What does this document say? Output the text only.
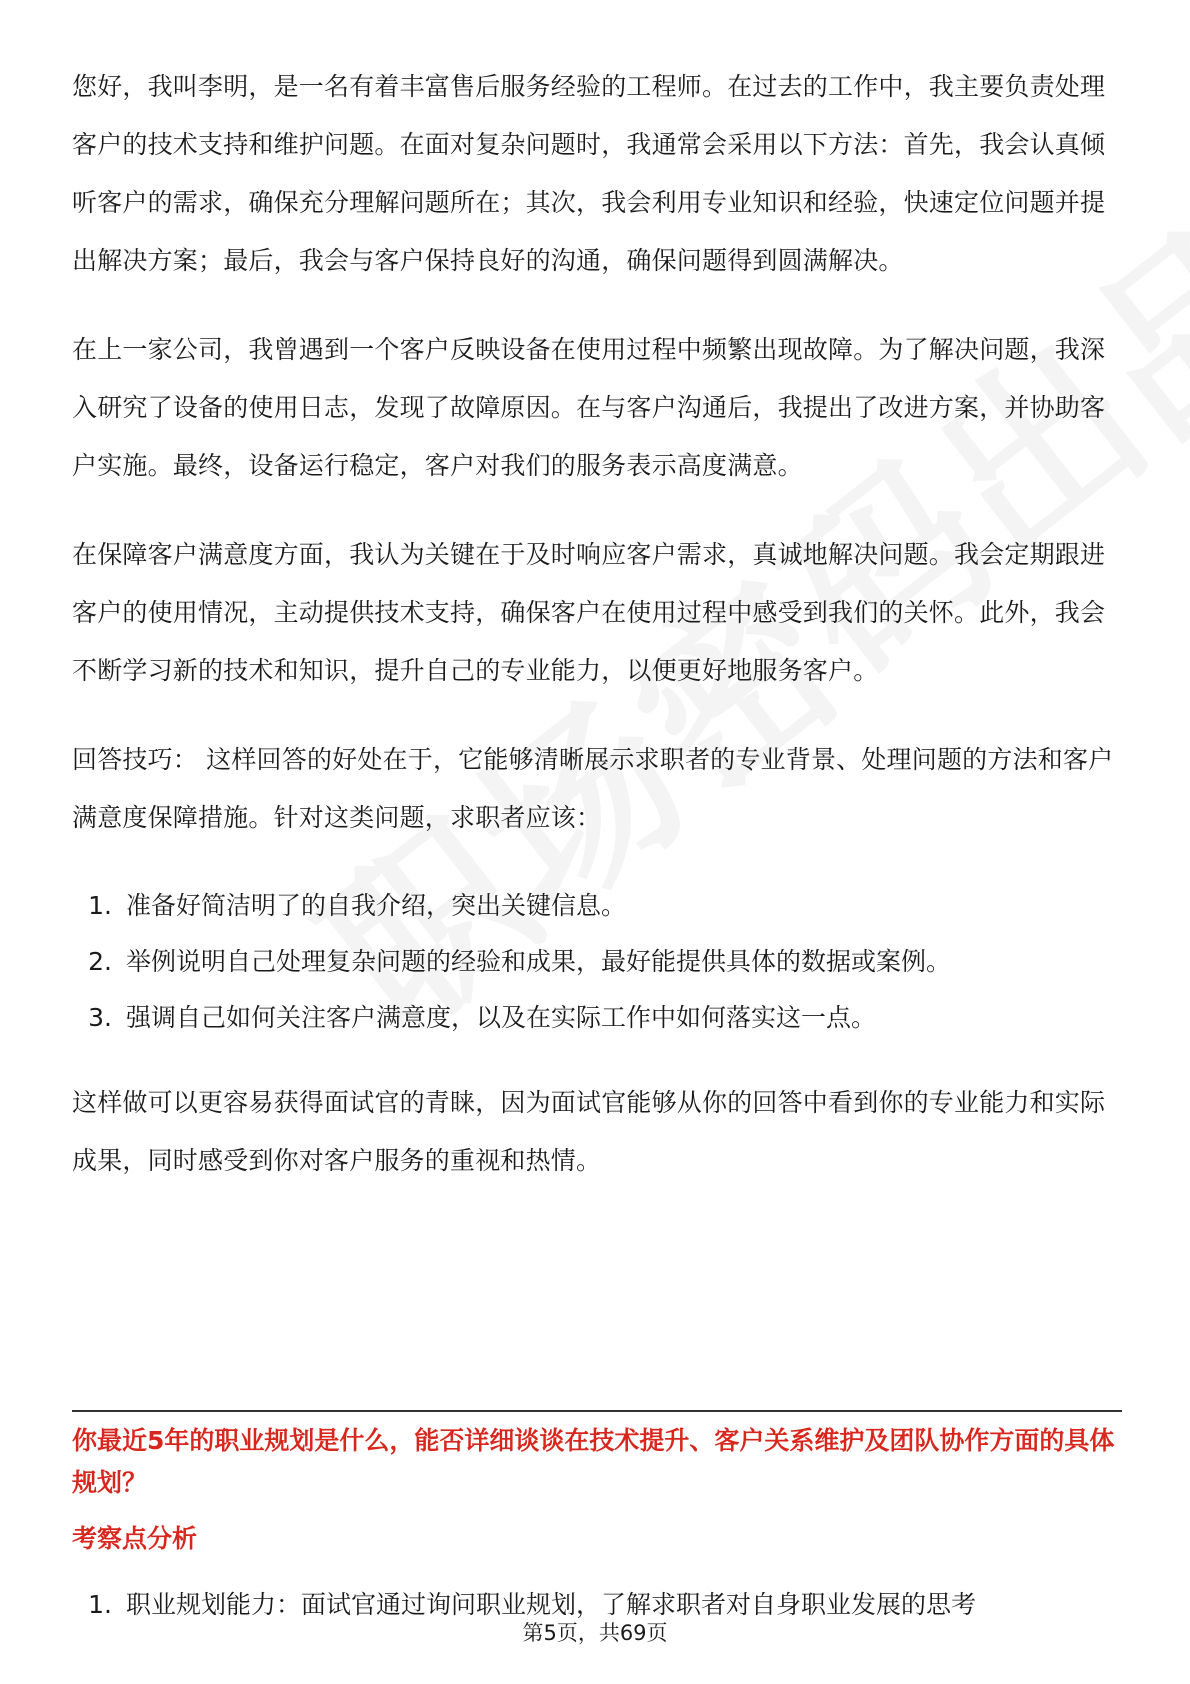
您好，我叫李明，是一名有着丰富售后服务经验的工程师。在过去的工作中，我主要负责处理客户的技术支持和维护问题。在面对复杂问题时，我通常会采用以下方法：首先，我会认真倾听客户的需求，确保充分理解问题所在；其次，我会利用专业知识和经验，快速定位问题并提出解决方案；最后，我会与客户保持良好的沟通，确保问题得到圆满解决。

在上一家公司，我曾遇到一个客户反映设备在使用过程中频繁出现故障。为了解决问题，我深入研究了设备的使用日志，发现了故障原因。在与客户沟通后，我提出了改进方案，并协助客户实施。最终，设备运行稳定，客户对我们的服务表示高度满意。

在保障客户满意度方面，我认为关键在于及时响应客户需求，真诚地解决问题。我会定期跟进客户的使用情况，主动提供技术支持，确保客户在使用过程中感受到我们的关怀。此外，我会不断学习新的技术和知识，提升自己的专业能力，以便更好地服务客户。

回答技巧： 这样回答的好处在于，它能够清晰展示求职者的专业背景、处理问题的方法和客户满意度保障措施。针对这类问题，求职者应该：

1. 准备好简洁明了的自我介绍，突出关键信息。
2. 举例说明自己处理复杂问题的经验和成果，最好能提供具体的数据或案例。
3. 强调自己如何关注客户满意度，以及在实际工作中如何落实这一点。

这样做可以更容易获得面试官的青睐，因为面试官能够从你的回答中看到你的专业能力和实际成果，同时感受到你对客户服务的重视和热情。

你最近5年的职业规划是什么，能否详细谈谈在技术提升、客户关系维护及团队协作方面的具体规划？
考察点分析
1. 职业规划能力：面试官通过询问职业规划，了解求职者对自身职业发展的思考
第5页，共69页
